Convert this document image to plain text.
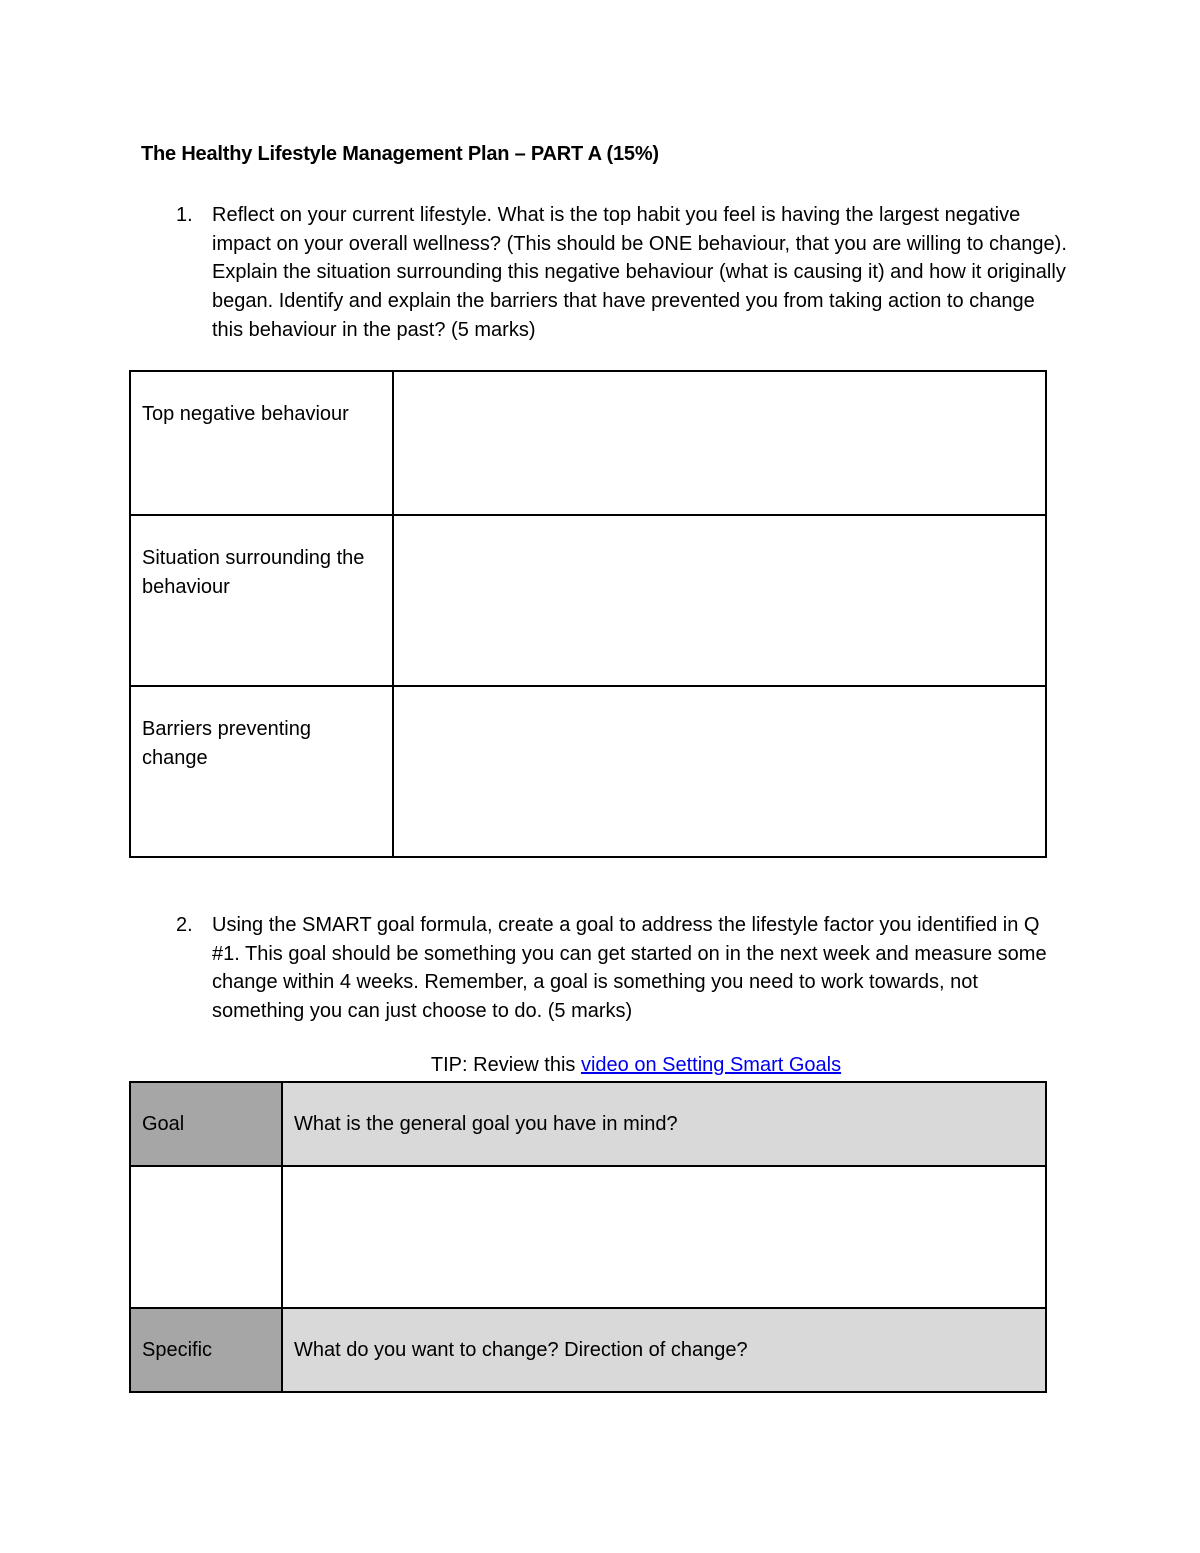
The Healthy Lifestyle Management Plan – PART A (15%)
1. Reflect on your current lifestyle. What is the top habit you feel is having the largest negative impact on your overall wellness? (This should be ONE behaviour, that you are willing to change). Explain the situation surrounding this negative behaviour (what is causing it) and how it originally began. Identify and explain the barriers that have prevented you from taking action to change this behaviour in the past? (5 marks)
Top negative behaviour	
Situation surrounding the behaviour	
Barriers preventing change	
2. Using the SMART goal formula, create a goal to address the lifestyle factor you identified in Q #1. This goal should be something you can get started on in the next week and measure some change within 4 weeks. Remember, a goal is something you need to work towards, not something you can just choose to do. (5 marks)
TIP: Review this video on Setting Smart Goals
Goal	What is the general goal you have in mind?

Specific	What do you want to change? Direction of change?
